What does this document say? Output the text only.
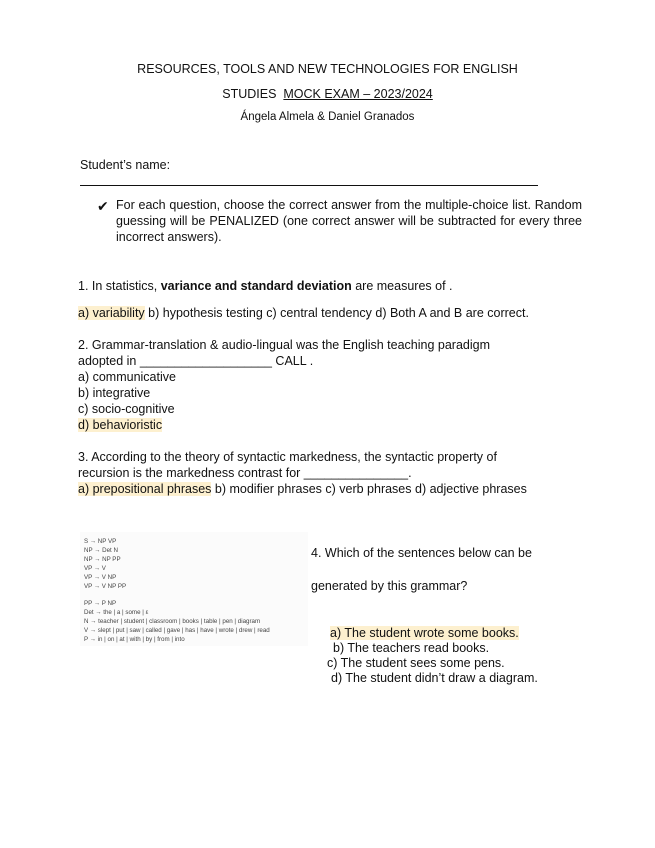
RESOURCES, TOOLS AND NEW TECHNOLOGIES FOR ENGLISH
STUDIES MOCK EXAM – 2023/2024
Ángela Almela & Daniel Granados
Student’s name:
✔ For each question, choose the correct answer from the multiple-choice list. Random guessing will be PENALIZED (one correct answer will be subtracted for every three incorrect answers).
1. In statistics, variance and standard deviation are measures of .
a) variability b) hypothesis testing c) central tendency d) Both A and B are correct.
2. Grammar-translation & audio-lingual was the English teaching paradigm
adopted in ___________________ CALL .
a) communicative
b) integrative
c) socio-cognitive
d) behavioristic
3. According to the theory of syntactic markedness, the syntactic property of
recursion is the markedness contrast for _______________.
a) prepositional phrases b) modifier phrases c) verb phrases d) adjective phrases
S → NP VP
NP → Det N
NP → NP PP
VP → V
VP → V NP
VP → V NP PP
PP → P NP
Det → the | a | some | ε
N → teacher | student | classroom | books | table | pen | diagram
V → slept | put | saw | called | gave | has | have | wrote | drew | read
P → in | on | at | with | by | from | into
4. Which of the sentences below can be
generated by this grammar?
a) The student wrote some books.
b) The teachers read books.
c) The student sees some pens.
d) The student didn’t draw a diagram.
